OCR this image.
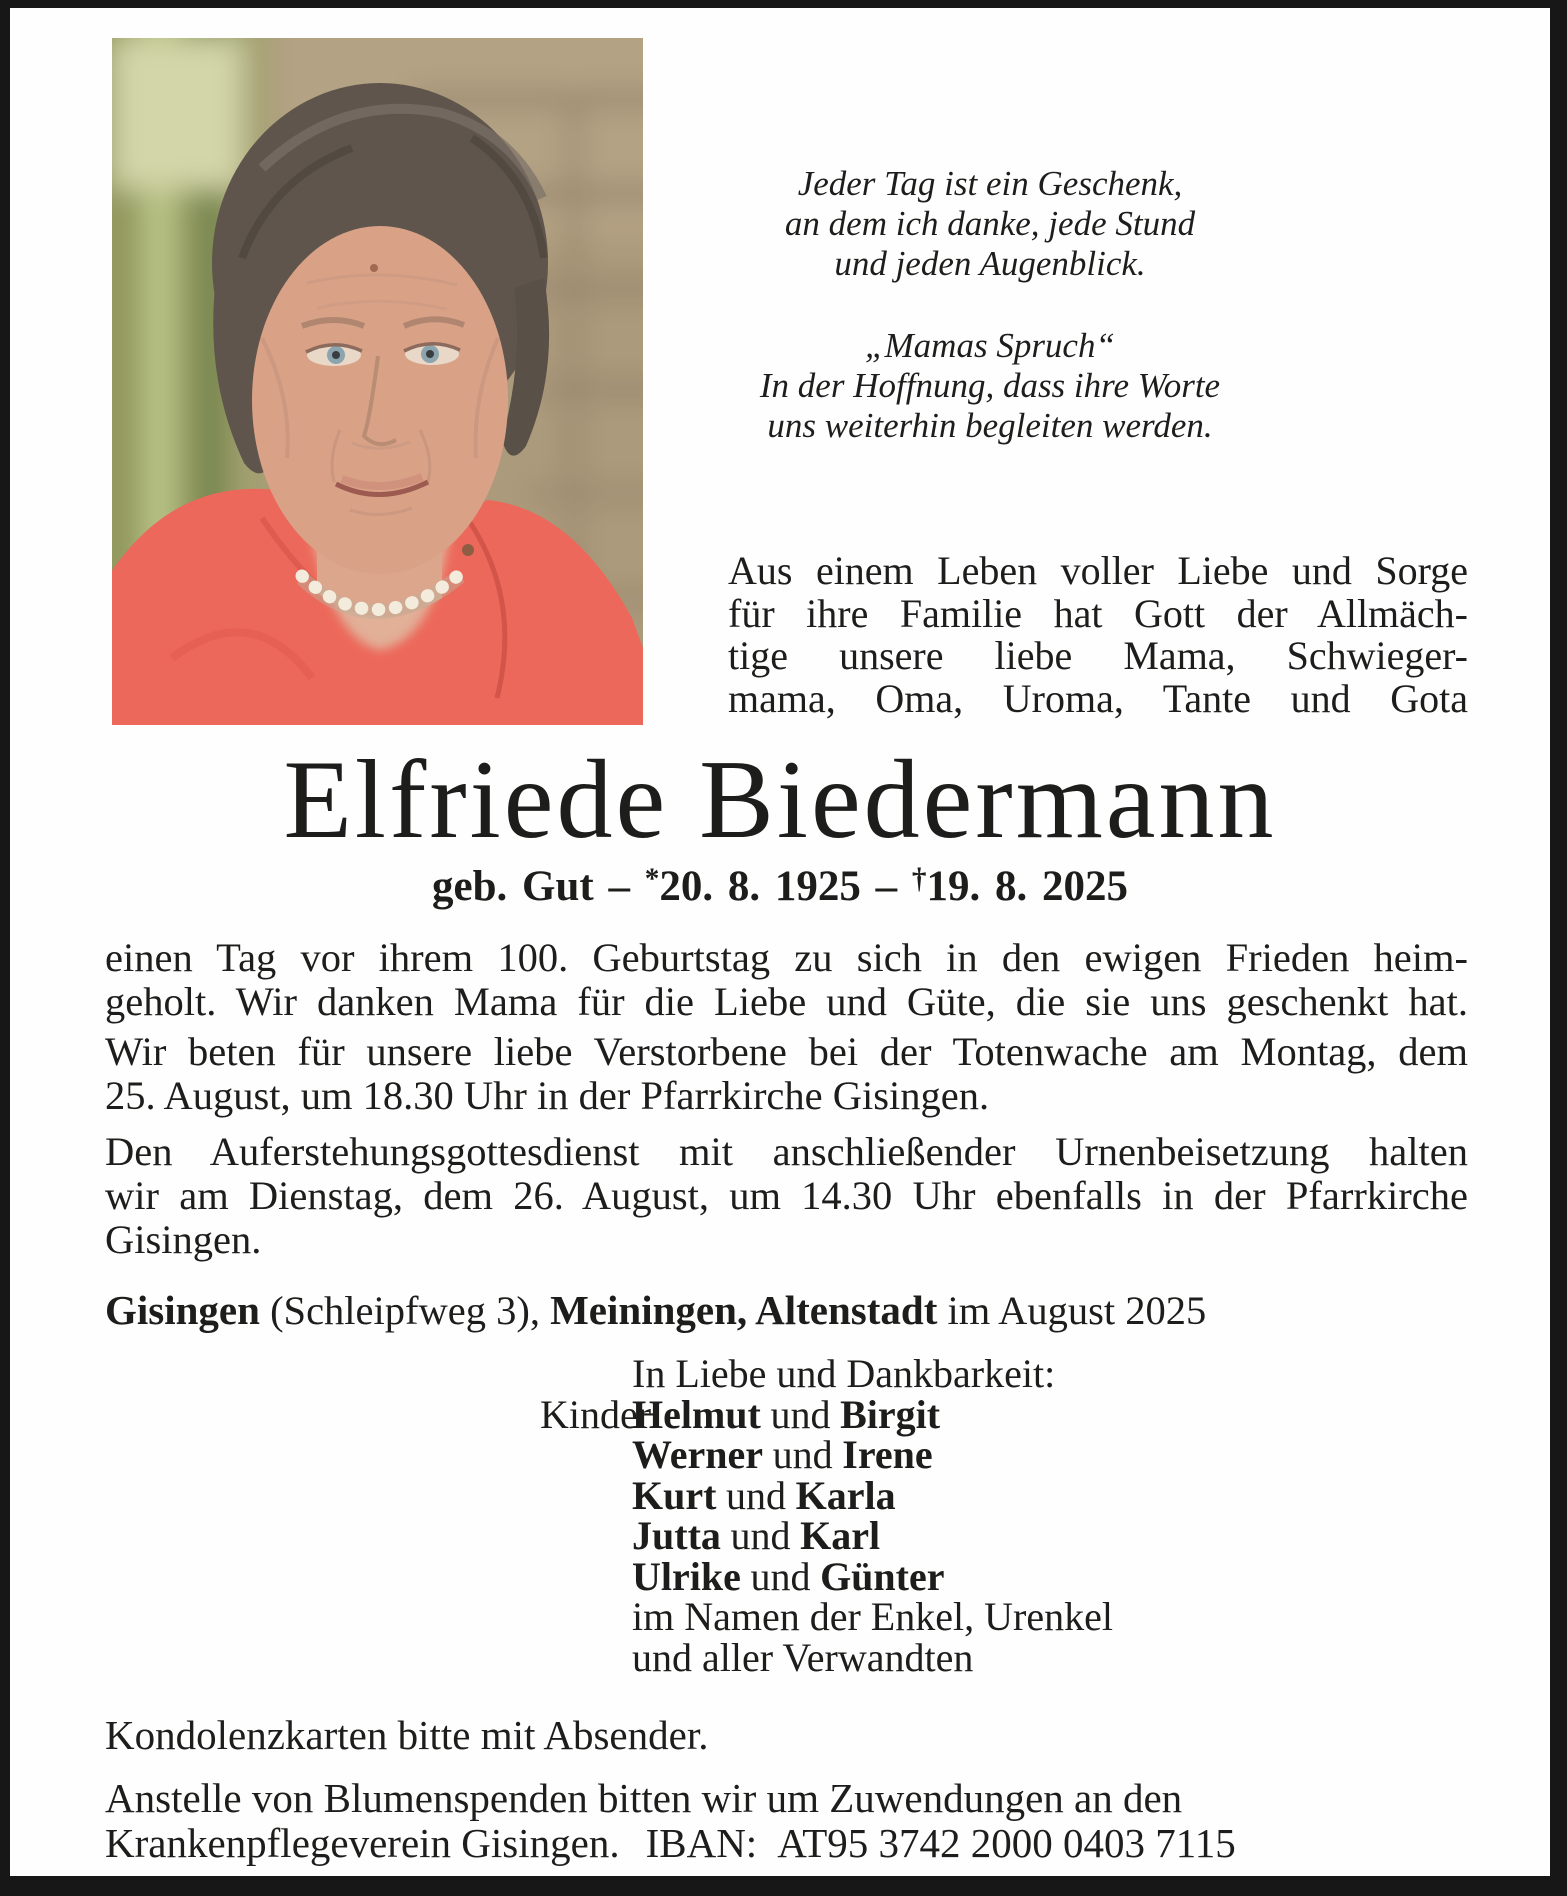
Jeder Tag ist ein Geschenk,
an dem ich danke, jede Stund
und jeden Augenblick.
„Mamas Spruch“
In der Hoffnung, dass ihre Worte
uns weiterhin begleiten werden.
Aus einem Leben voller Liebe und Sorge
für ihre Familie hat Gott der Allmäch-
tige unsere liebe Mama, Schwieger-
mama, Oma, Uroma, Tante und Gota
Elfriede Biedermann
geb. Gut – *20. 8. 1925 – †19. 8. 2025
einen Tag vor ihrem 100. Geburtstag zu sich in den ewigen Frieden heim-
geholt. Wir danken Mama für die Liebe und Güte, die sie uns geschenkt hat.
Wir beten für unsere liebe Verstorbene bei der Totenwache am Montag, dem
25. August, um 18.30 Uhr in der Pfarrkirche Gisingen.
Den Auferstehungsgottesdienst mit anschließender Urnenbeisetzung halten
wir am Dienstag, dem 26. August, um 14.30 Uhr ebenfalls in der Pfarrkirche
Gisingen.
Gisingen (Schleipfweg 3), Meiningen, Altenstadt im August 2025
In Liebe und Dankbarkeit:
Kinder
Helmut und Birgit
Werner und Irene
Kurt und Karla
Jutta und Karl
Ulrike und Günter
im Namen der Enkel, Urenkel
und aller Verwandten
Kondolenzkarten bitte mit Absender.
Anstelle von Blumenspenden bitten wir um Zuwendungen an den
Krankenpflegeverein Gisingen. IBAN: AT95 3742 2000 0403 7115
